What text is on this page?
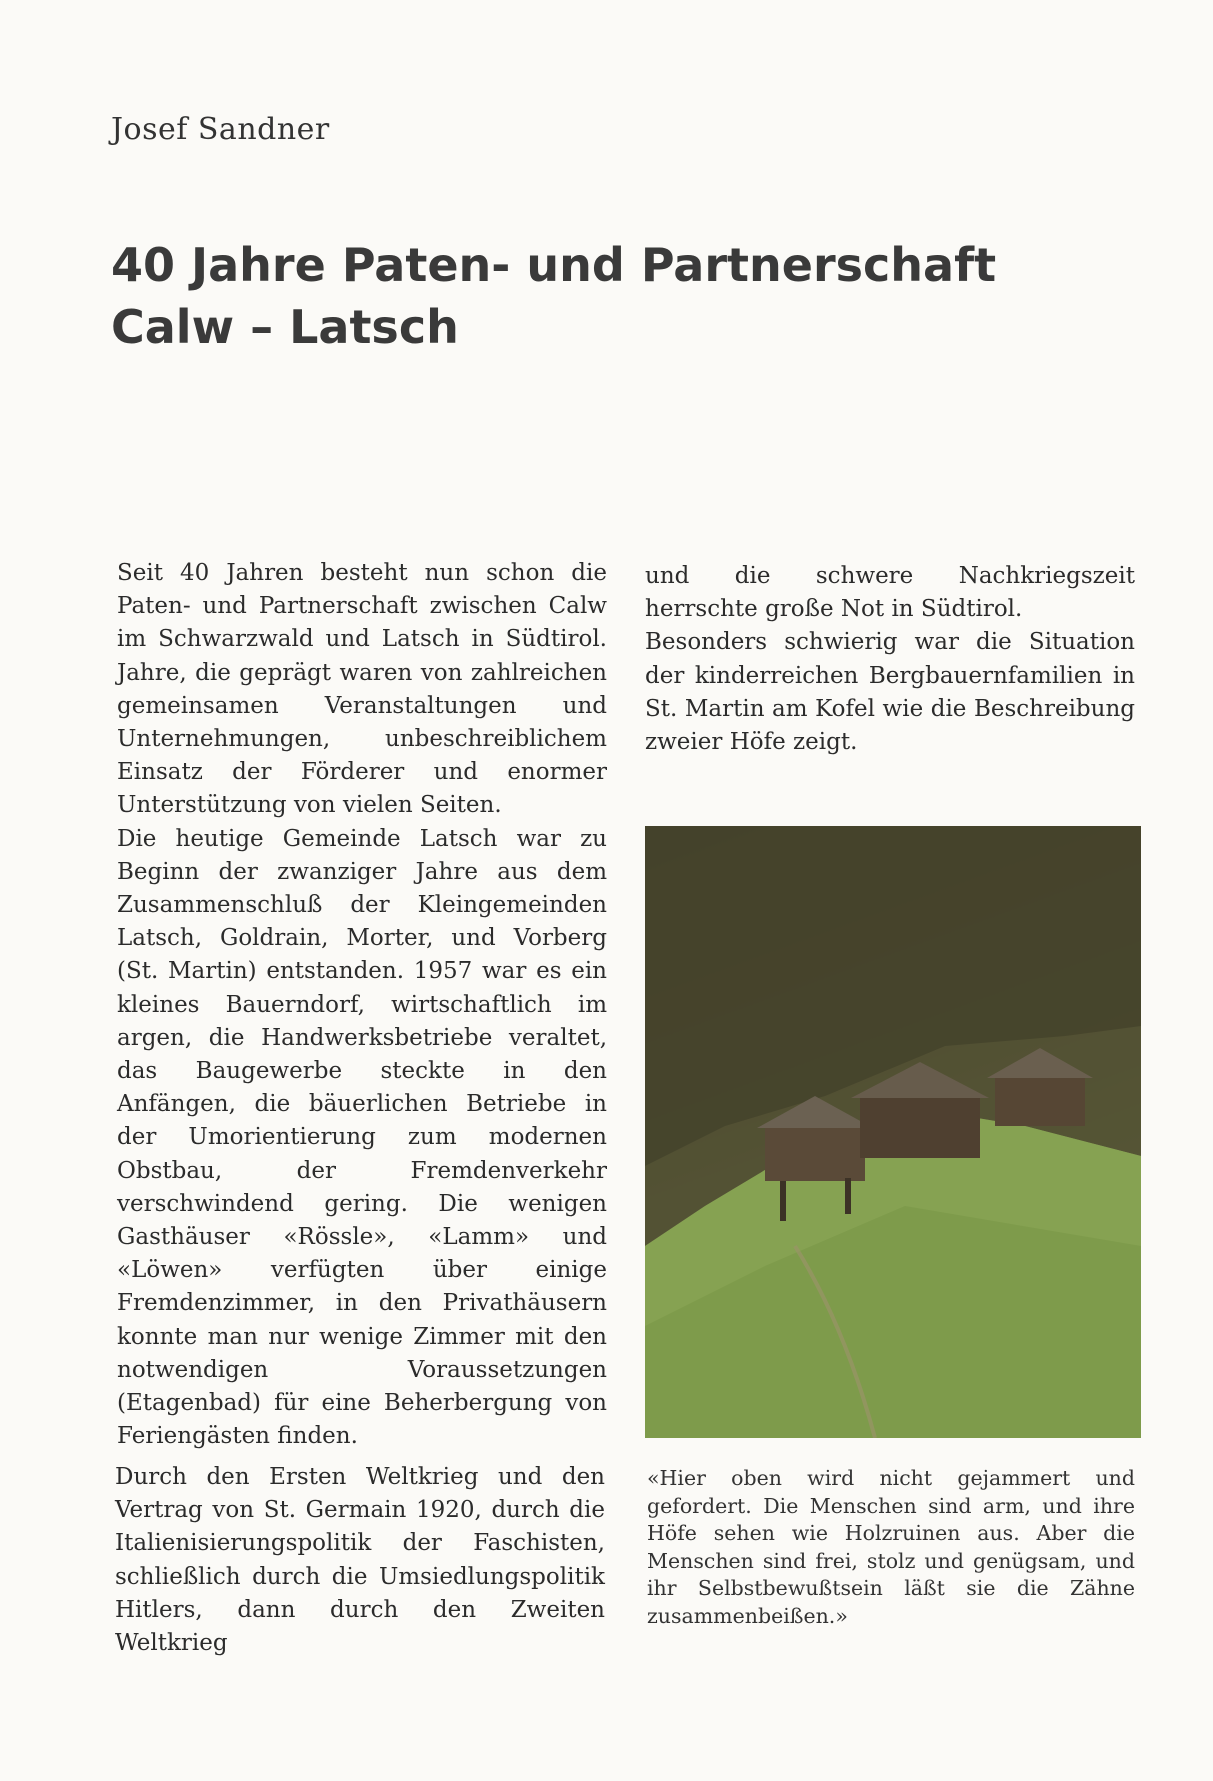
Josef Sandner
40 Jahre Paten- und Partnerschaft
Calw – Latsch

Seit 40 Jahren besteht nun schon die Paten- und Partnerschaft zwischen Calw im Schwarzwald und Latsch in Südtirol. Jahre, die geprägt waren von zahlreichen gemeinsamen Veranstaltungen und Unternehmungen, unbeschreiblichem Einsatz der Förderer und enormer Unterstützung von vielen Seiten.

Die heutige Gemeinde Latsch war zu Beginn der zwanziger Jahre aus dem Zusammenschluß der Kleingemeinden Latsch, Goldrain, Morter, und Vorberg (St. Martin) entstanden. 1957 war es ein kleines Bauerndorf, wirtschaftlich im argen, die Handwerksbetriebe veraltet, das Baugewerbe steckte in den Anfängen, die bäuerlichen Betriebe in der Umorientierung zum modernen Obstbau, der Fremdenverkehr verschwindend gering. Die wenigen Gasthäuser «Rössle», «Lamm» und «Löwen» verfügten über einige Fremdenzimmer, in den Privathäusern konnte man nur wenige Zimmer mit den notwendigen Voraussetzungen (Etagenbad) für eine Beherbergung von Feriengästen finden.

Durch den Ersten Weltkrieg und den Vertrag von St. Germain 1920, durch die Italienisierungspolitik der Faschisten, schließlich durch die Umsiedlungspolitik Hitlers, dann durch den Zweiten Weltkrieg

und die schwere Nachkriegszeit herrschte große Not in Südtirol.

Besonders schwierig war die Situation der kinderreichen Bergbauernfamilien in St. Martin am Kofel wie die Beschreibung zweier Höfe zeigt.

«Hier oben wird nicht gejammert und gefordert. Die Menschen sind arm, und ihre Höfe sehen wie Holzruinen aus. Aber die Menschen sind frei, stolz und genügsam, und ihr Selbstbewußtsein läßt sie die Zähne zusammenbeißen.»
